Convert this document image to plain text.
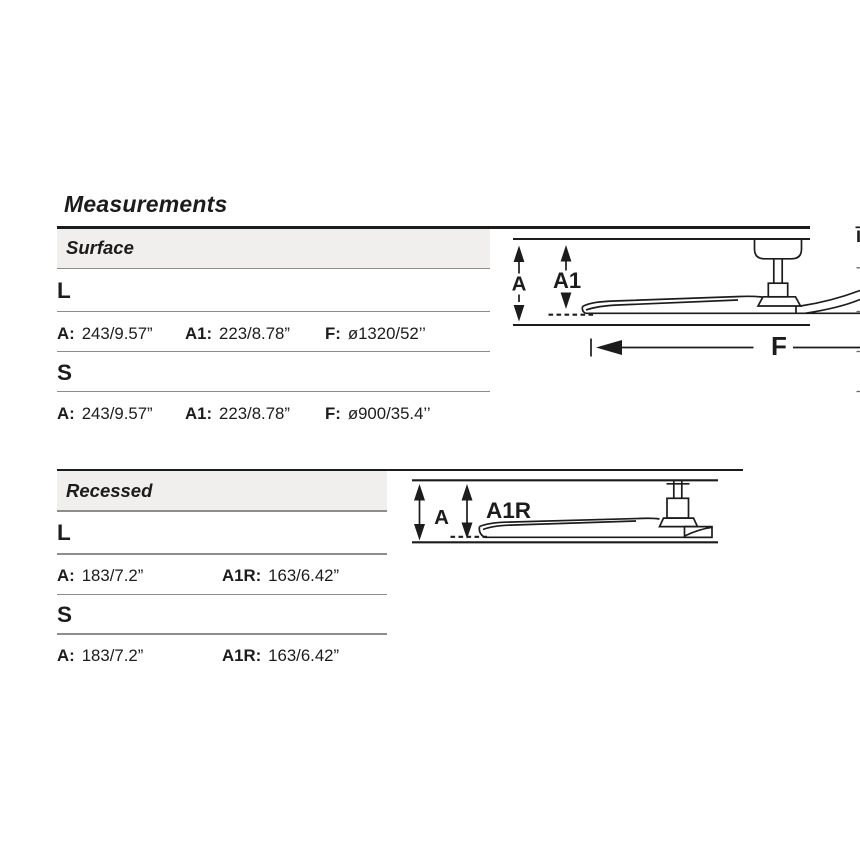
Measurements
Surface
L
A: 243/9.57” A1: 223/8.78” F: ø1320/52’’
S
A: 243/9.57” A1: 223/8.78” F: ø900/35.4’’
Recessed
L
A: 183/7.2”	A1R: 163/6.42”
S
A: 183/7.2”	A1R: 163/6.42”
A A1
F
A A1R
